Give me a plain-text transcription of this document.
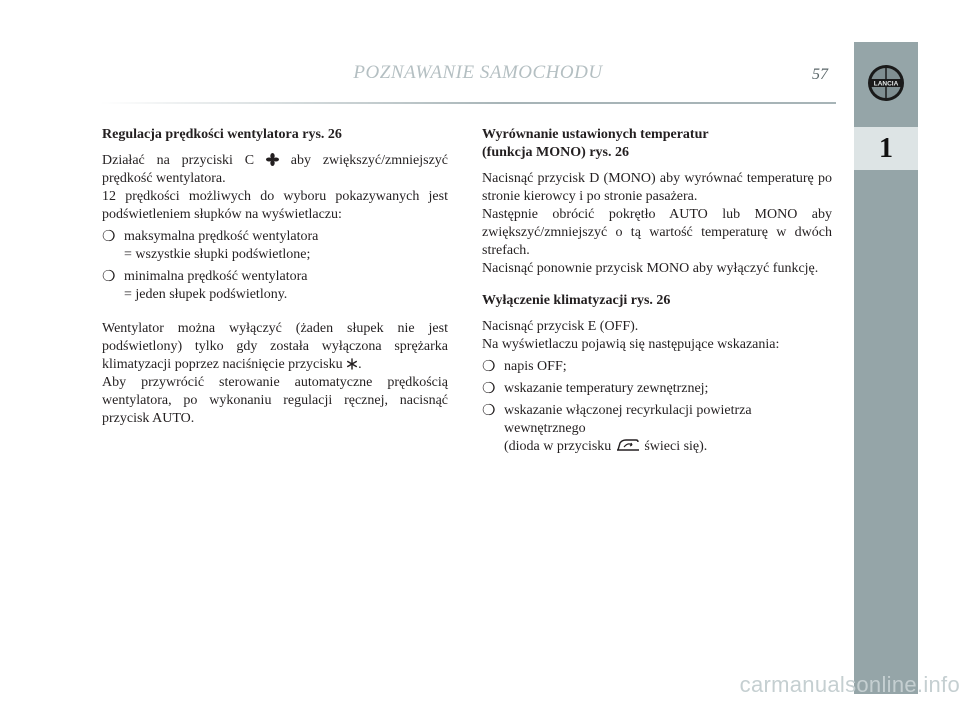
POZNAWANIE SAMOCHODU	57
LANCIA
1

Regulacja prędkości wentylatora rys. 26

Działać na przyciski C	aby zwiększyć/zmniejszyć prędkość wentylatora.

12 prędkości możliwych do wyboru pokazywanych jest podświetleniem słupków na wyświetlaczu:

❍ maksymalna prędkość wentylatora
= wszystkie słupki podświetlone;
❍ minimalna prędkość wentylatora
= jeden słupek podświetlony.

Wentylator można wyłączyć (żaden słupek nie jest podświetlony) tylko gdy została wyłączona sprężarka klimatyzacji poprzez naciśnięcie przycisku .

Aby przywrócić sterowanie automatyczne prędkością wentylatora, po wykonaniu regulacji ręcznej, nacisnąć przycisk AUTO.

Wyrównanie ustawionych temperatur

(funkcja MONO) rys. 26

Nacisnąć przycisk D (MONO) aby wyrównać temperaturę po stronie kierowcy i po stronie pasażera.

Następnie obrócić pokrętło AUTO lub MONO aby zwiększyć/zmniejszyć o tą wartość temperaturę w dwóch strefach.

Nacisnąć ponownie przycisk MONO aby wyłączyć funkcję.

Wyłączenie klimatyzacji rys. 26

Nacisnąć przycisk E (OFF).

Na wyświetlaczu pojawią się następujące wskazania:

❍ napis OFF;
❍ wskazanie temperatury zewnętrznej;
❍ wskazanie włączonej recyrkulacji powietrza wewnętrznego
(dioda w przycisku świeci się).
carmanualsonline.info
